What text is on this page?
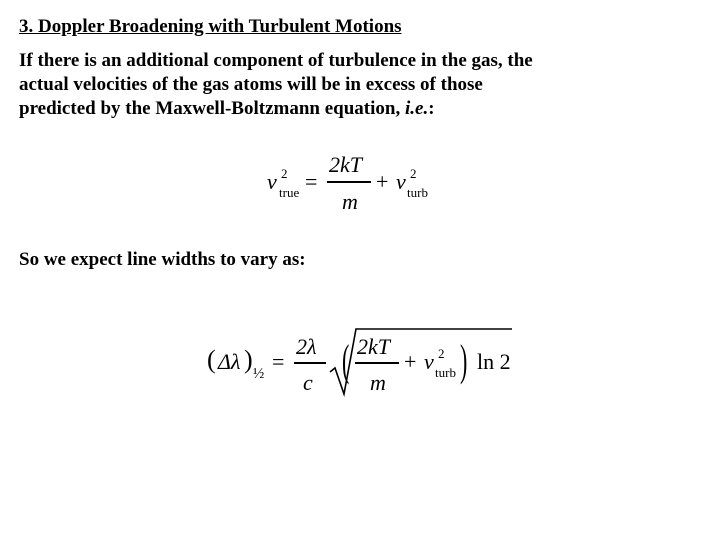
3. Doppler Broadening with Turbulent Motions
If there is an additional component of turbulence in the gas, the
actual velocities of the gas atoms will be in excess of those
predicted by the Maxwell-Boltzmann equation, i.e.:
v 2
true =
2kT
m
+ v 2
turb
So we expect line widths to vary as:
( Δλ ) ½ =
2λ
c ( 2kT
m
+ v 2
turb ) ln 2
